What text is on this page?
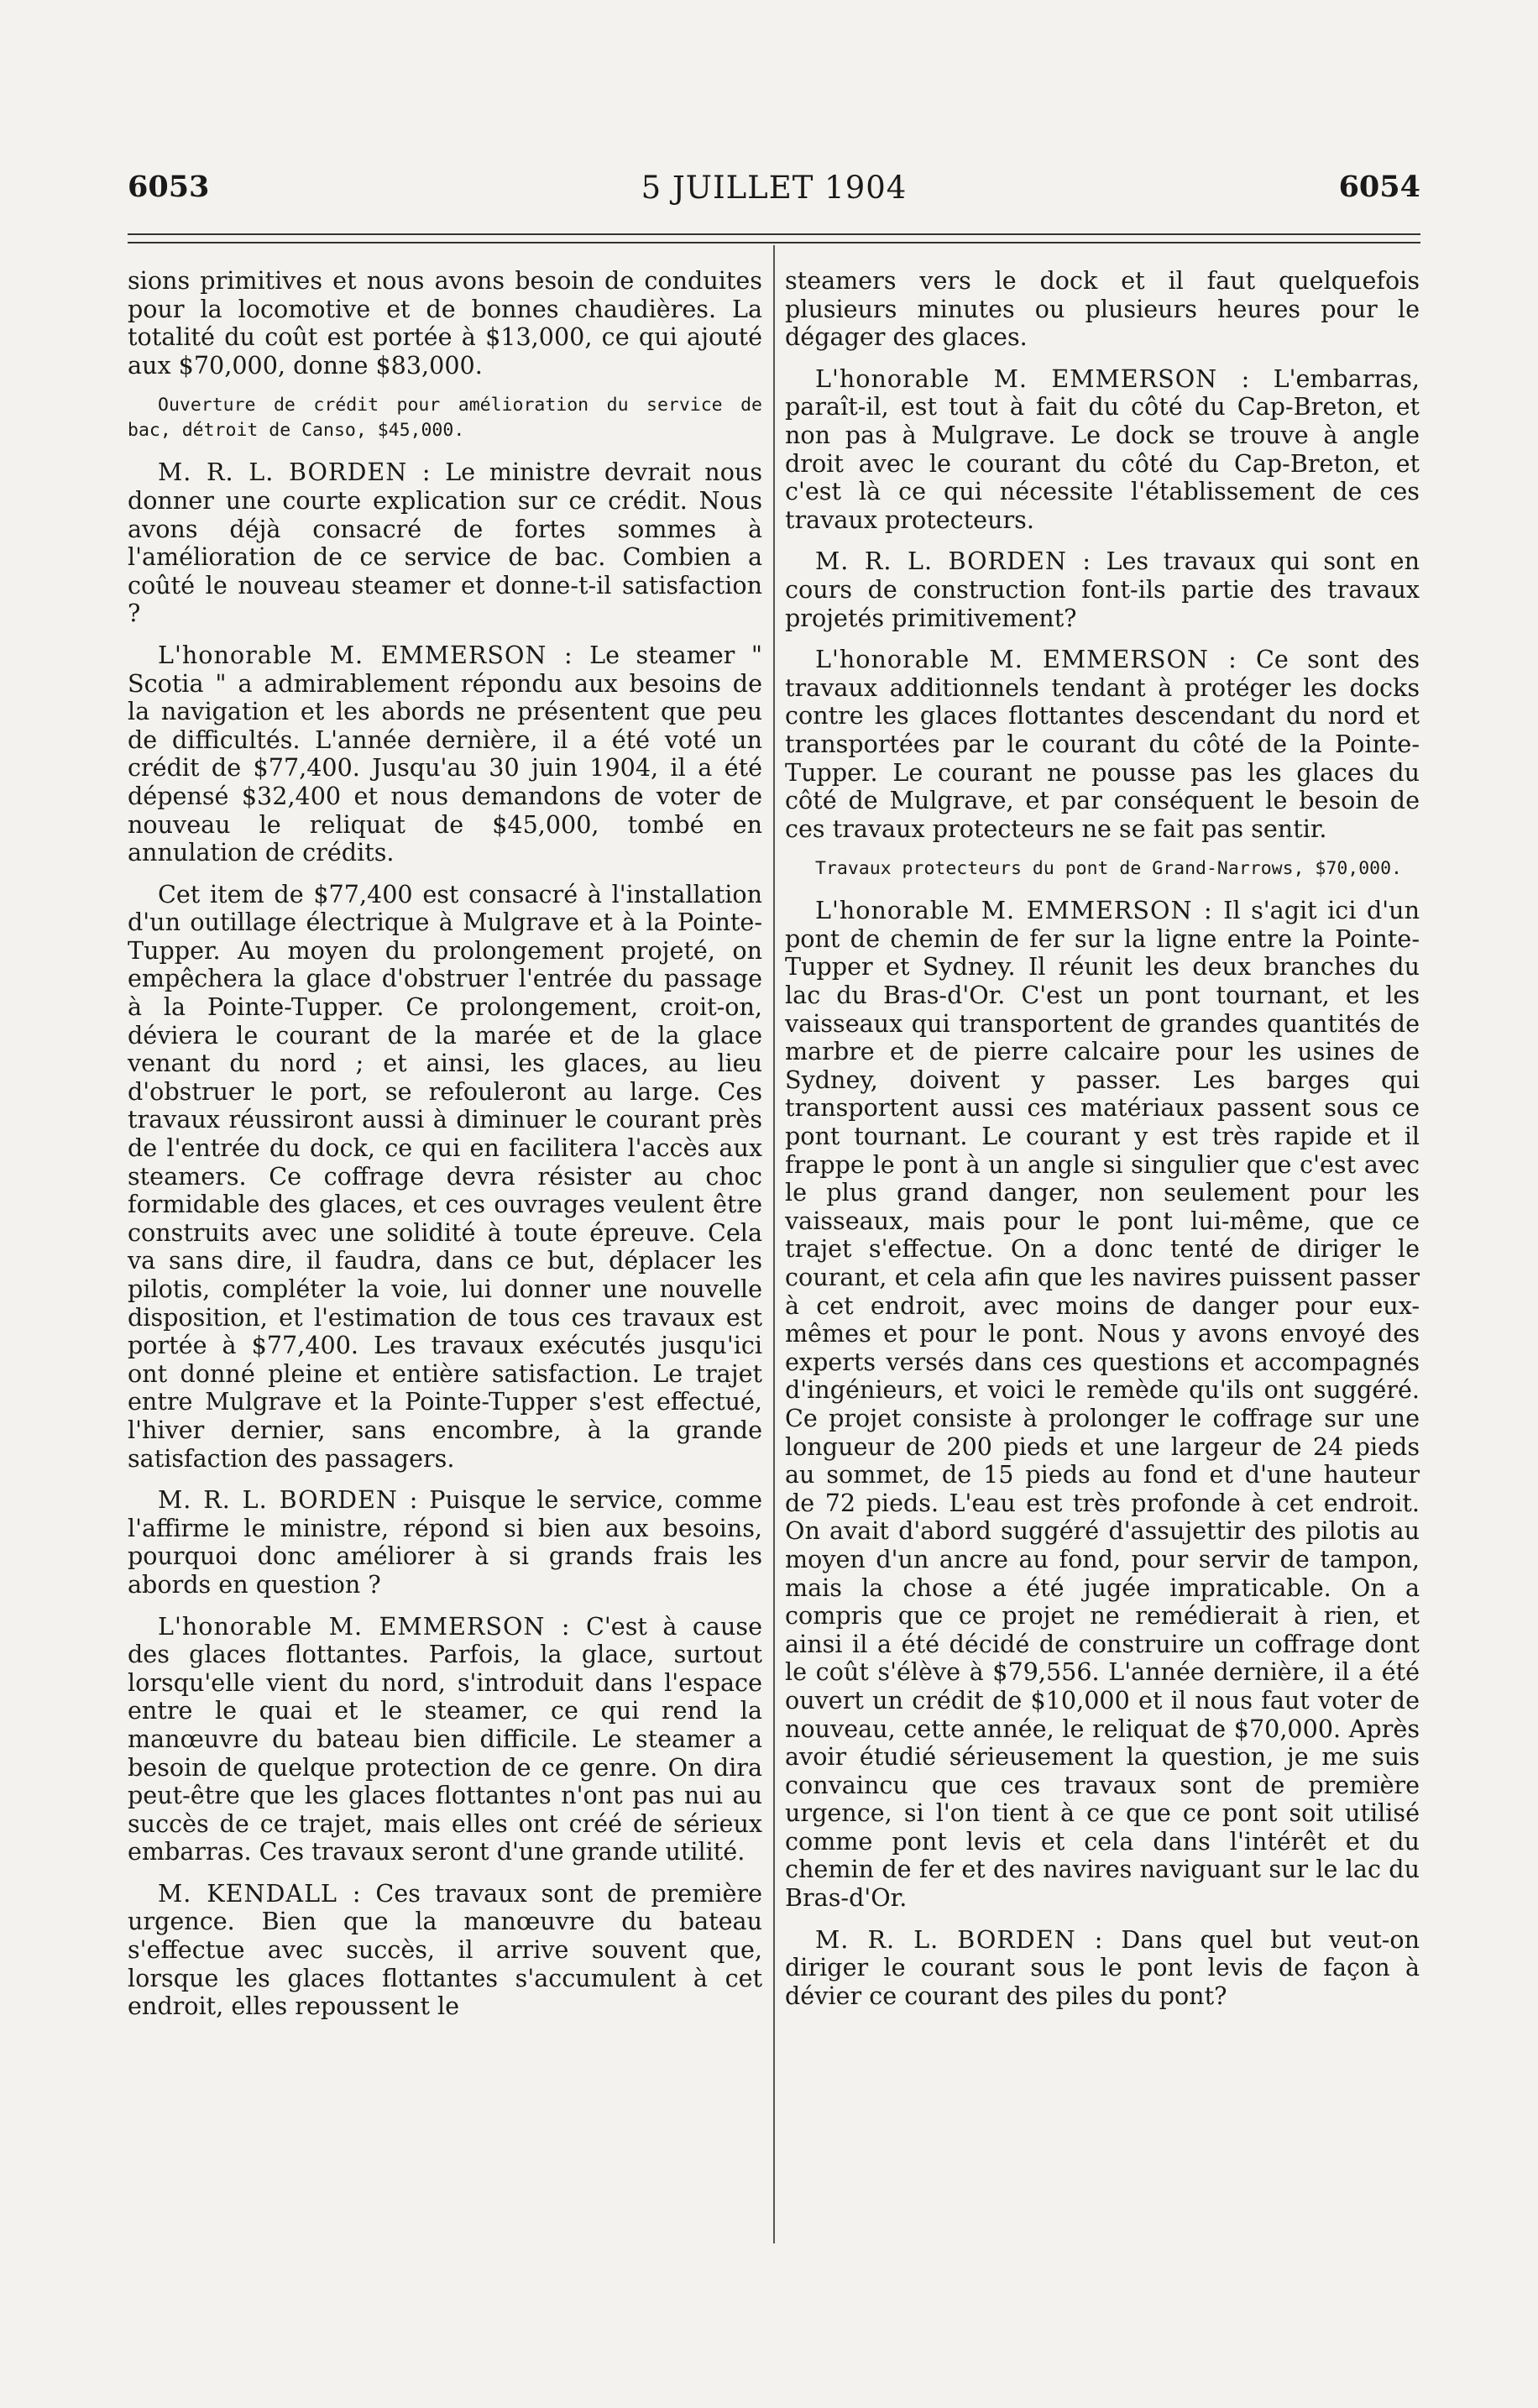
6053	5 JUILLET 1904	6054

sions primitives et nous avons besoin de conduites pour la locomotive et de bonnes chaudières. La totalité du coût est portée à $13,000, ce qui ajouté aux $70,000, donne $83,000.

Ouverture de crédit pour amélioration du service de bac, détroit de Canso, $45,000.

M. R. L. BORDEN : Le ministre devrait nous donner une courte explication sur ce crédit. Nous avons déjà consacré de fortes sommes à l'amélioration de ce service de bac. Combien a coûté le nouveau steamer et donne-t-il satisfaction ?

L'honorable M. EMMERSON : Le steamer " Scotia " a admirablement répondu aux besoins de la navigation et les abords ne présentent que peu de difficultés. L'année dernière, il a été voté un crédit de $77,400. Jusqu'au 30 juin 1904, il a été dépensé $32,400 et nous demandons de voter de nouveau le reliquat de $45,000, tombé en annulation de crédits.

Cet item de $77,400 est consacré à l'installation d'un outillage électrique à Mulgrave et à la Pointe-Tupper. Au moyen du prolongement projeté, on empêchera la glace d'obstruer l'entrée du passage à la Pointe-Tupper. Ce prolongement, croit-on, déviera le courant de la marée et de la glace venant du nord ; et ainsi, les glaces, au lieu d'obstruer le port, se refouleront au large. Ces travaux réussiront aussi à diminuer le courant près de l'entrée du dock, ce qui en facilitera l'accès aux steamers. Ce coffrage devra résister au choc formidable des glaces, et ces ouvrages veulent être construits avec une solidité à toute épreuve. Cela va sans dire, il faudra, dans ce but, déplacer les pilotis, compléter la voie, lui donner une nouvelle disposition, et l'estimation de tous ces travaux est portée à $77,400. Les travaux exécutés jusqu'ici ont donné pleine et entière satisfaction. Le trajet entre Mulgrave et la Pointe-Tupper s'est effectué, l'hiver dernier, sans encombre, à la grande satisfaction des passagers.

M. R. L. BORDEN : Puisque le service, comme l'affirme le ministre, répond si bien aux besoins, pourquoi donc améliorer à si grands frais les abords en question ?

L'honorable M. EMMERSON : C'est à cause des glaces flottantes. Parfois, la glace, surtout lorsqu'elle vient du nord, s'introduit dans l'espace entre le quai et le steamer, ce qui rend la manœuvre du bateau bien difficile. Le steamer a besoin de quelque protection de ce genre. On dira peut-être que les glaces flottantes n'ont pas nui au succès de ce trajet, mais elles ont créé de sérieux embarras. Ces travaux seront d'une grande utilité.

M. KENDALL : Ces travaux sont de première urgence. Bien que la manœuvre du bateau s'effectue avec succès, il arrive souvent que, lorsque les glaces flottantes s'accumulent à cet endroit, elles repoussent le

steamers vers le dock et il faut quelquefois plusieurs minutes ou plusieurs heures pour le dégager des glaces.

L'honorable M. EMMERSON : L'embarras, paraît-il, est tout à fait du côté du Cap-Breton, et non pas à Mulgrave. Le dock se trouve à angle droit avec le courant du côté du Cap-Breton, et c'est là ce qui nécessite l'établissement de ces travaux protecteurs.

M. R. L. BORDEN : Les travaux qui sont en cours de construction font-ils partie des travaux projetés primitivement?

L'honorable M. EMMERSON : Ce sont des travaux additionnels tendant à protéger les docks contre les glaces flottantes descendant du nord et transportées par le courant du côté de la Pointe-Tupper. Le courant ne pousse pas les glaces du côté de Mulgrave, et par conséquent le besoin de ces travaux protecteurs ne se fait pas sentir.

Travaux protecteurs du pont de Grand-Narrows, $70,000.

L'honorable M. EMMERSON : Il s'agit ici d'un pont de chemin de fer sur la ligne entre la Pointe-Tupper et Sydney. Il réunit les deux branches du lac du Bras-d'Or. C'est un pont tournant, et les vaisseaux qui transportent de grandes quantités de marbre et de pierre calcaire pour les usines de Sydney, doivent y passer. Les barges qui transportent aussi ces matériaux passent sous ce pont tournant. Le courant y est très rapide et il frappe le pont à un angle si singulier que c'est avec le plus grand danger, non seulement pour les vaisseaux, mais pour le pont lui-même, que ce trajet s'effectue. On a donc tenté de diriger le courant, et cela afin que les navires puissent passer à cet endroit, avec moins de danger pour eux-mêmes et pour le pont. Nous y avons envoyé des experts versés dans ces questions et accompagnés d'ingénieurs, et voici le remède qu'ils ont suggéré. Ce projet consiste à prolonger le coffrage sur une longueur de 200 pieds et une largeur de 24 pieds au sommet, de 15 pieds au fond et d'une hauteur de 72 pieds. L'eau est très profonde à cet endroit. On avait d'abord suggéré d'assujettir des pilotis au moyen d'un ancre au fond, pour servir de tampon, mais la chose a été jugée impraticable. On a compris que ce projet ne remédierait à rien, et ainsi il a été décidé de construire un coffrage dont le coût s'élève à $79,556. L'année dernière, il a été ouvert un crédit de $10,000 et il nous faut voter de nouveau, cette année, le reliquat de $70,000. Après avoir étudié sérieusement la question, je me suis convaincu que ces travaux sont de première urgence, si l'on tient à ce que ce pont soit utilisé comme pont levis et cela dans l'intérêt et du chemin de fer et des navires naviguant sur le lac du Bras-d'Or.

M. R. L. BORDEN : Dans quel but veut-on diriger le courant sous le pont levis de façon à dévier ce courant des piles du pont?
